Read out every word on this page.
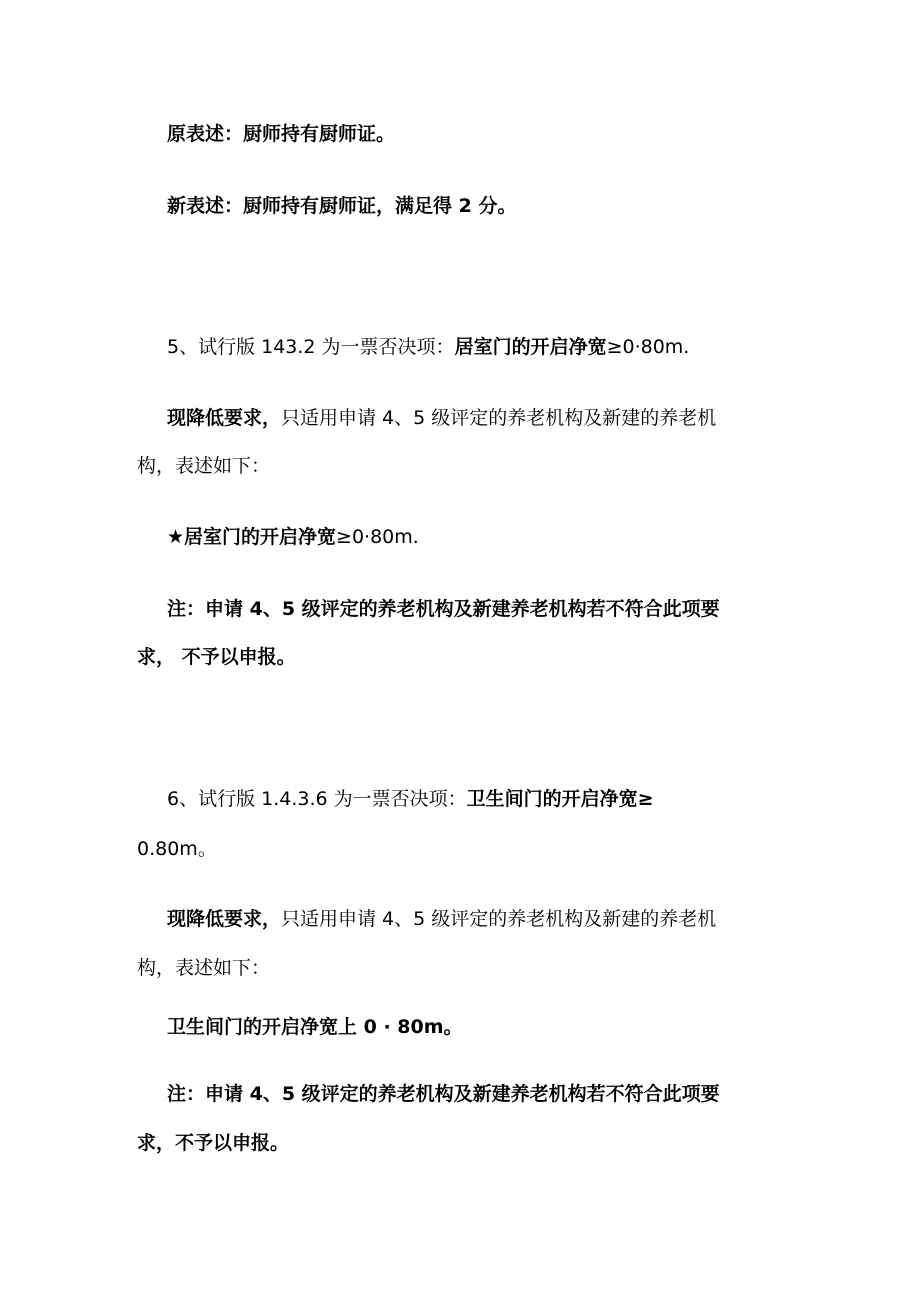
原表述：厨师持有厨师证。
新表述：厨师持有厨师证，满足得 2 分。
5、试行版 143.2 为一票否决项：居室门的开启净宽≥0·80m.
现降低要求，只适用申请 4、5 级评定的养老机构及新建的养老机
构，表述如下：
★居室门的开启净宽≥0·80m.
注：申请 4、5 级评定的养老机构及新建养老机构若不符合此项要
求， 不予以申报。
6、试行版 1.4.3.6 为一票否决项：卫生间门的开启净宽≥
0.80m。
现降低要求，只适用申请 4、5 级评定的养老机构及新建的养老机
构，表述如下：
卫生间门的开启净宽上 0 · 80m。
注：申请 4、5 级评定的养老机构及新建养老机构若不符合此项要
求，不予以申报。
